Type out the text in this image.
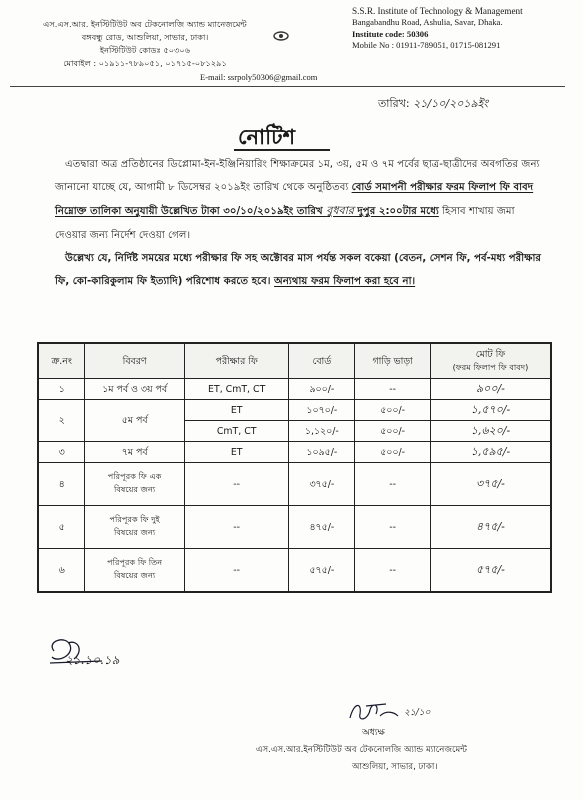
এস.এস.আর. ইনস্টিটিউট অব টেকনোলজি অ্যান্ড ম্যানেজমেন্ট
বঙ্গবন্ধু রোড, আশুলিয়া, সাভার, ঢাকা।
ইনস্টিটিউট কোডঃ ৫০৩০৬
মোবাইল : ০১৯১১-৭৮৯০৫১, ০১৭১৫-০৮১২৯১
S.S.R. Institute of Technology & Management
Bangabandhu Road, Ashulia, Savar, Dhaka.
Institute code: 50306
Mobile No : 01911-789051, 01715-081291
E-mail: ssrpoly50306@gmail.com
তারিখ: ২১/১০/২০১৯ইং
নোটিশ

এতদ্বারা অত্র প্রতিষ্ঠানের ডিপ্লোমা-ইন-ইঞ্জিনিয়ারিং শিক্ষাক্রমের ১ম, ৩য়, ৫ম ও ৭ম পর্বের ছাত্র-ছাত্রীদের অবগতির জন্য জানানো যাচ্ছে যে, আগামী ৮ ডিসেম্বর ২০১৯ইং তারিখ থেকে অনুষ্ঠিতব্য বোর্ড সমাপনী পরীক্ষার ফরম ফিলাপ ফি বাবদ নিম্নোক্ত তালিকা অনুযায়ী উল্লেখিত টাকা ৩০/১০/২০১৯ইং তারিখ বুধবার দুপুর ২:০০টার মধ্যে হিসাব শাখায় জমা দেওয়ার জন্য নির্দেশ দেওয়া গেল।

উল্লেখ্য যে, নির্দিষ্ট সময়ের মধ্যে পরীক্ষার ফি সহ অক্টোবর মাস পর্যন্ত সকল বকেয়া (বেতন, সেশন ফি, পর্ব-মধ্য পরীক্ষার ফি, কো-কারিকুলাম ফি ইত্যাদি) পরিশোধ করতে হবে। অন্যথায় ফরম ফিলাপ করা হবে না।

ক্র.নং	বিবরণ	পরীক্ষার ফি	বোর্ড	গাড়ি ভাড়া	মোট ফি
(ফরম ফিলাপ ফি বাবদ)

১	১ম পর্ব ও ৩য় পর্ব	ET, CmT, CT	৯০০/-	--	৯০০/-
২	৫ম পর্ব	ET	১০৭০/-	৫০০/-	১,৫৭০/-
		CmT, CT	১,১২০/-	৫০০/-	১,৬২০/-
৩	৭ম পর্ব	ET	১০৯৫/-	৫০০/-	১,৫৯৫/-
৪	পরিপূরক ফি এক
বিষয়ের জন্য	--	৩৭৫/-	--	৩৭৫/-
৫	পরিপূরক ফি দুই
বিষয়ের জন্য	--	৪৭৫/-	--	৪৭৫/-
৬	পরিপূরক ফি তিন
বিষয়ের জন্য	--	৫৭৫/-	--	৫৭৫/-
২১.১০.১৯
২১/১০
অধ্যক্ষ
এস.এস.আর.ইনস্টিটিউট অব টেকনোলজি অ্যান্ড ম্যানেজমেন্ট
আশুলিয়া, সাভার, ঢাকা।
